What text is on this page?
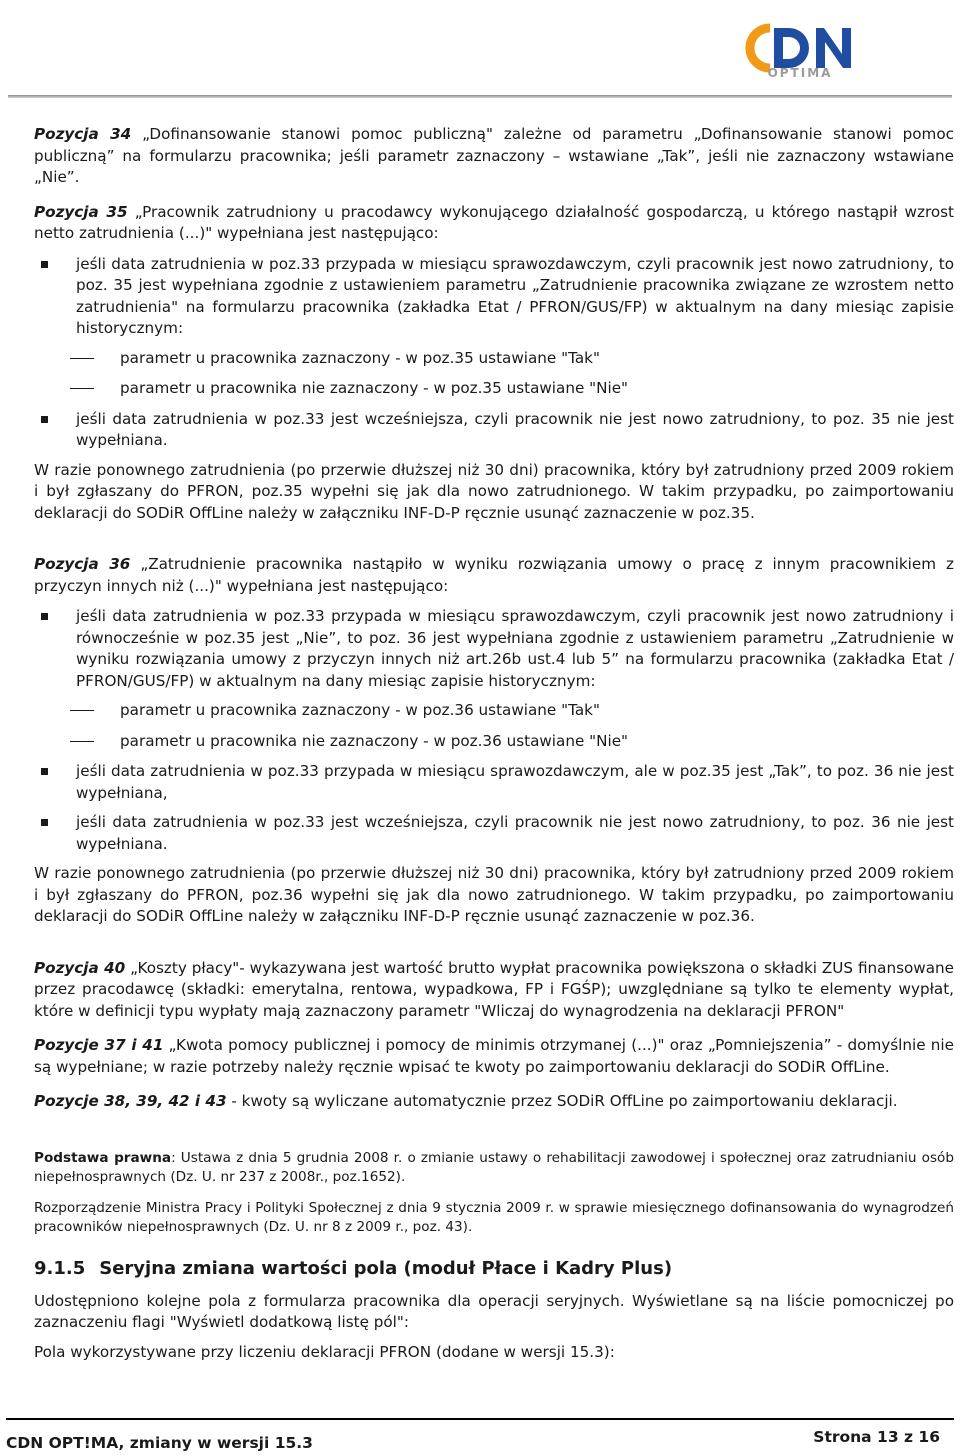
OPTIMA

Pozycja 34 „Dofinansowanie stanowi pomoc publiczną" zależne od parametru „Dofinansowanie stanowi pomoc publiczną” na formularzu pracownika; jeśli parametr zaznaczony – wstawiane „Tak”, jeśli nie zaznaczony wstawiane „Nie”.

Pozycja 35 „Pracownik zatrudniony u pracodawcy wykonującego działalność gospodarczą, u którego nastąpił wzrost netto zatrudnienia (...)" wypełniana jest następująco:

jeśli data zatrudnienia w poz.33 przypada w miesiącu sprawozdawczym, czyli pracownik jest nowo zatrudniony, to poz. 35 jest wypełniana zgodnie z ustawieniem parametru „Zatrudnienie pracownika związane ze wzrostem netto zatrudnienia" na formularzu pracownika (zakładka Etat / PFRON/GUS/FP) w aktualnym na dany miesiąc zapisie historycznym:
parametr u pracownika zaznaczony - w poz.35 ustawiane "Tak"
parametr u pracownika nie zaznaczony - w poz.35 ustawiane "Nie"
jeśli data zatrudnienia w poz.33 jest wcześniejsza, czyli pracownik nie jest nowo zatrudniony, to poz. 35 nie jest wypełniana.

W razie ponownego zatrudnienia (po przerwie dłuższej niż 30 dni) pracownika, który był zatrudniony przed 2009 rokiem i był zgłaszany do PFRON, poz.35 wypełni się jak dla nowo zatrudnionego. W takim przypadku, po zaimportowaniu deklaracji do SODiR OffLine należy w załączniku INF-D-P ręcznie usunąć zaznaczenie w poz.35.

Pozycja 36 „Zatrudnienie pracownika nastąpiło w wyniku rozwiązania umowy o pracę z innym pracownikiem z przyczyn innych niż (...)" wypełniana jest następująco:

jeśli data zatrudnienia w poz.33 przypada w miesiącu sprawozdawczym, czyli pracownik jest nowo zatrudniony i równocześnie w poz.35 jest „Nie”, to poz. 36 jest wypełniana zgodnie z ustawieniem parametru „Zatrudnienie w wyniku rozwiązania umowy z przyczyn innych niż art.26b ust.4 lub 5” na formularzu pracownika (zakładka Etat / PFRON/GUS/FP) w aktualnym na dany miesiąc zapisie historycznym:
parametr u pracownika zaznaczony - w poz.36 ustawiane "Tak"
parametr u pracownika nie zaznaczony - w poz.36 ustawiane "Nie"
jeśli data zatrudnienia w poz.33 przypada w miesiącu sprawozdawczym, ale w poz.35 jest „Tak”, to poz. 36 nie jest wypełniana,
jeśli data zatrudnienia w poz.33 jest wcześniejsza, czyli pracownik nie jest nowo zatrudniony, to poz. 36 nie jest wypełniana.

W razie ponownego zatrudnienia (po przerwie dłuższej niż 30 dni) pracownika, który był zatrudniony przed 2009 rokiem i był zgłaszany do PFRON, poz.36 wypełni się jak dla nowo zatrudnionego. W takim przypadku, po zaimportowaniu deklaracji do SODiR OffLine należy w załączniku INF-D-P ręcznie usunąć zaznaczenie w poz.36.

Pozycja 40 „Koszty płacy"- wykazywana jest wartość brutto wypłat pracownika powiększona o składki ZUS finansowane przez pracodawcę (składki: emerytalna, rentowa, wypadkowa, FP i FGŚP); uwzględniane są tylko te elementy wypłat, które w definicji typu wypłaty mają zaznaczony parametr "Wliczaj do wynagrodzenia na deklaracji PFRON"

Pozycje 37 i 41 „Kwota pomocy publicznej i pomocy de minimis otrzymanej (...)" oraz „Pomniejszenia” - domyślnie nie są wypełniane; w razie potrzeby należy ręcznie wpisać te kwoty po zaimportowaniu deklaracji do SODiR OffLine.

Pozycje 38, 39, 42 i 43 - kwoty są wyliczane automatycznie przez SODiR OffLine po zaimportowaniu deklaracji.

Podstawa prawna: Ustawa z dnia 5 grudnia 2008 r. o zmianie ustawy o rehabilitacji zawodowej i społecznej oraz zatrudnianiu osób niepełnosprawnych (Dz. U. nr 237 z 2008r., poz.1652).

Rozporządzenie Ministra Pracy i Polityki Społecznej z dnia 9 stycznia 2009 r. w sprawie miesięcznego dofinansowania do wynagrodzeń pracowników niepełnosprawnych (Dz. U. nr 8 z 2009 r., poz. 43).

9.1.5 Seryjna zmiana wartości pola (moduł Płace i Kadry Plus)

Udostępniono kolejne pola z formularza pracownika dla operacji seryjnych. Wyświetlane są na liście pomocniczej po zaznaczeniu flagi "Wyświetl dodatkową listę pól":

Pola wykorzystywane przy liczeniu deklaracji PFRON (dodane w wersji 15.3):

CDN OPT!MA, zmiany w wersji 15.3	Strona 13 z 16
